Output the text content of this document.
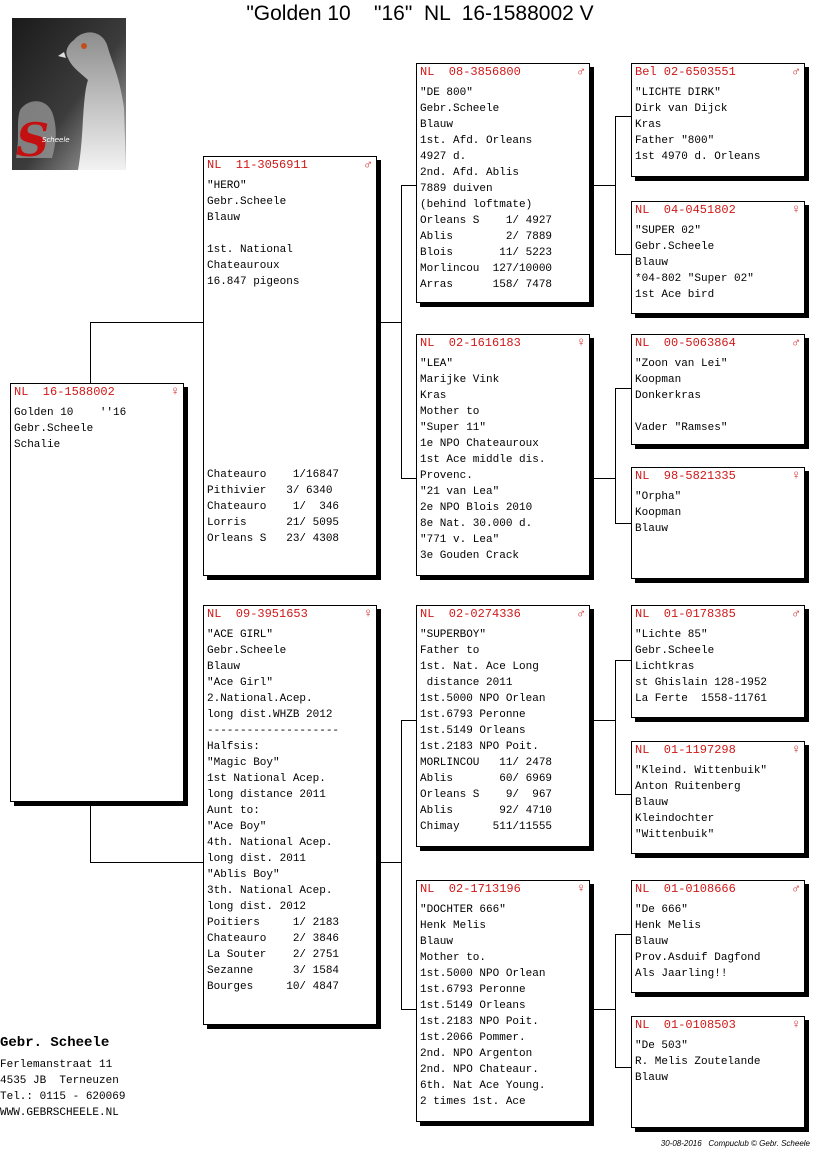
"Golden 10    "16"  NL  16-1588002 V
S
Scheele
NL  16-1588002	♀
Golden 10    ''16
Gebr.Scheele
Schalie
NL  11-3056911	♂
"HERO"
Gebr.Scheele
Blauw
1st. National
Chateauroux
16.847 pigeons
Chateauro    1/16847
Pithivier   3/ 6340
Chateauro    1/  346
Lorris      21/ 5095
Orleans S   23/ 4308
NL  09-3951653	♀
"ACE GIRL"
Gebr.Scheele
Blauw
"Ace Girl"
2.National.Acep.
long dist.WHZB 2012
--------------------
Halfsis:
"Magic Boy"
1st National Acep.
long distance 2011
Aunt to:
"Ace Boy"
4th. National Acep.
long dist. 2011
"Ablis Boy"
3th. National Acep.
long dist. 2012
Poitiers     1/ 2183
Chateauro    2/ 3846
La Souter    2/ 2751
Sezanne      3/ 1584
Bourges     10/ 4847
NL  08-3856800	♂
"DE 800"
Gebr.Scheele
Blauw
1st. Afd. Orleans
4927 d.
2nd. Afd. Ablis
7889 duiven
(behind loftmate)
Orleans S    1/ 4927
Ablis        2/ 7889
Blois       11/ 5223
Morlincou  127/10000
Arras      158/ 7478
NL  02-1616183	♀
"LEA"
Marijke Vink
Kras
Mother to
"Super 11"
1e NPO Chateauroux
1st Ace middle dis.
Provenc.
"21 van Lea"
2e NPO Blois 2010
8e Nat. 30.000 d.
"771 v. Lea"
3e Gouden Crack
NL  02-0274336	♂
"SUPERBOY"
Father to
1st. Nat. Ace Long
distance 2011
1st.5000 NPO Orlean
1st.6793 Peronne
1st.5149 Orleans
1st.2183 NPO Poit.
MORLINCOU   11/ 2478
Ablis       60/ 6969
Orleans S    9/  967
Ablis       92/ 4710
Chimay     511/11555
NL  02-1713196	♀
"DOCHTER 666"
Henk Melis
Blauw
Mother to.
1st.5000 NPO Orlean
1st.6793 Peronne
1st.5149 Orleans
1st.2183 NPO Poit.
1st.2066 Pommer.
2nd. NPO Argenton
2nd. NPO Chateaur.
6th. Nat Ace Young.
2 times 1st. Ace
Bel 02-6503551	♂
"LICHTE DIRK"
Dirk van Dijck
Kras
Father "800"
1st 4970 d. Orleans
NL  04-0451802	♀
"SUPER 02"
Gebr.Scheele
Blauw
*04-802 "Super 02"
1st Ace bird
NL  00-5063864	♂
"Zoon van Lei"
Koopman
Donkerkras
Vader "Ramses"
NL  98-5821335	♀
"Orpha"
Koopman
Blauw
NL  01-0178385	♂
"Lichte 85"
Gebr.Scheele
Lichtkras
st Ghislain 128-1952
La Ferte  1558-11761
NL  01-1197298	♀
"Kleind. Wittenbuik"
Anton Ruitenberg
Blauw
Kleindochter
"Wittenbuik"
NL  01-0108666	♂
"De 666"
Henk Melis
Blauw
Prov.Asduif Dagfond
Als Jaarling!!
NL  01-0108503	♀
"De 503"
R. Melis Zoutelande
Blauw
Gebr. Scheele
Ferlemanstraat 11
4535 JB  Terneuzen
Tel.: 0115 - 620069
WWW.GEBRSCHEELE.NL
30-08-2016   Compuclub © Gebr. Scheele
